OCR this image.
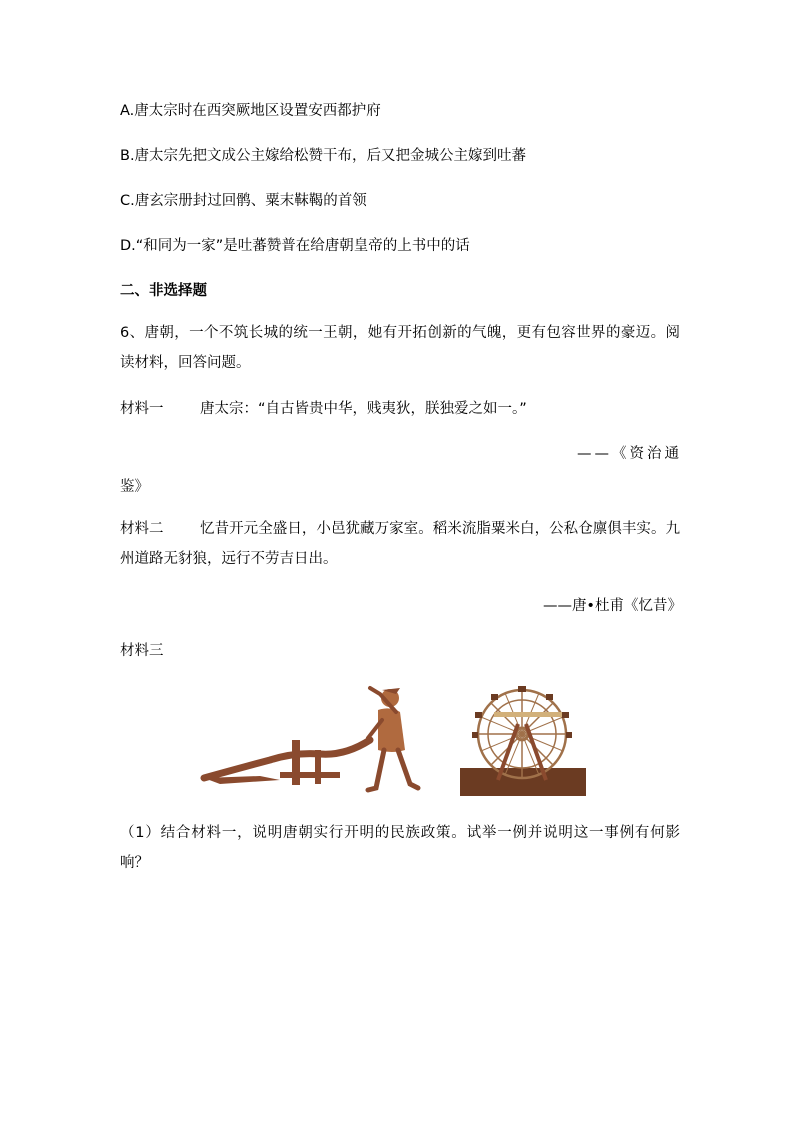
A.唐太宗时在西突厥地区设置安西都护府
B.唐太宗先把文成公主嫁给松赞干布，后又把金城公主嫁到吐蕃
C.唐玄宗册封过回鹘、粟末靺鞨的首领
D.“和同为一家”是吐蕃赞普在给唐朝皇帝的上书中的话
二、非选择题
6、唐朝，一个不筑长城的统一王朝，她有开拓创新的气魄，更有包容世界的豪迈。阅读材料，回答问题。
材料一	唐太宗：“自古皆贵中华，贱夷狄，朕独爱之如一。”
——《资治通
鉴》
材料二	忆昔开元全盛日，小邑犹藏万家室。稻米流脂粟米白，公私仓廪俱丰实。九州道路无豺狼，远行不劳吉日出。
——唐•杜甫《忆昔》
材料三
（1）结合材料一，说明唐朝实行开明的民族政策。试举一例并说明这一事例有何影响？
